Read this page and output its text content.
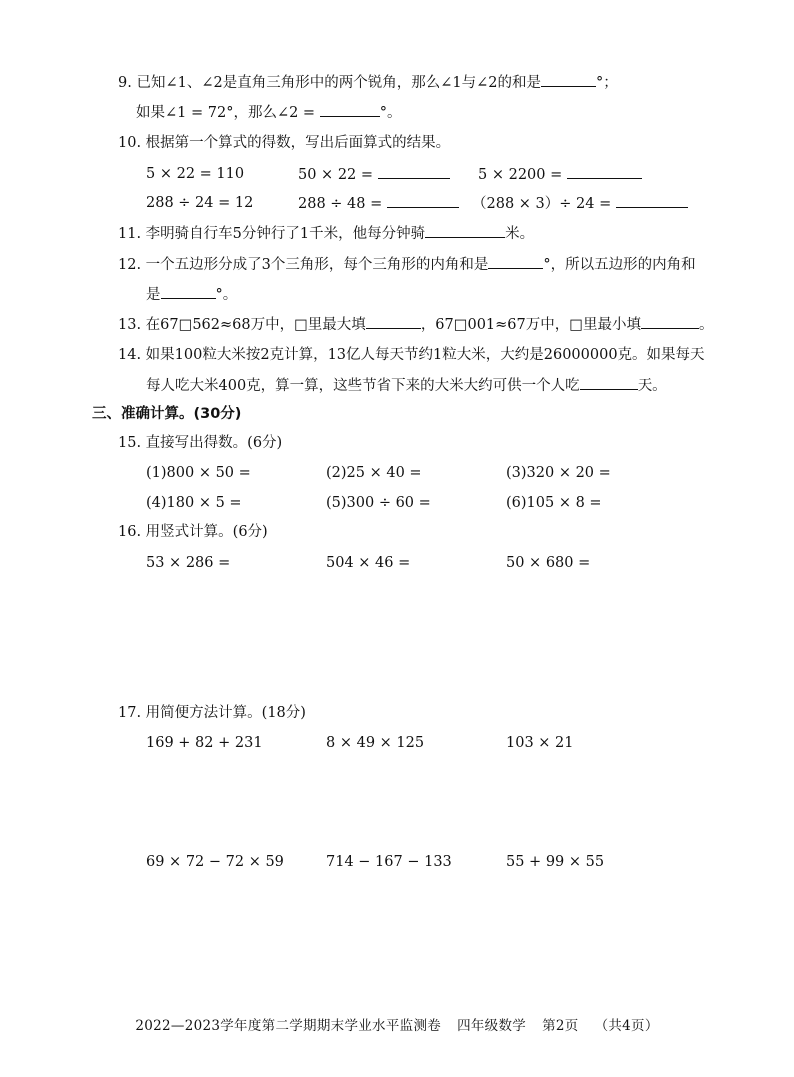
9. 已知∠1、∠2是直角三角形中的两个锐角，那么∠1与∠2的和是	°；
如果∠1 = 72°，那么∠2 =	°。
10. 根据第一个算式的得数，写出后面算式的结果。
5 × 22 = 110	50 × 22 =	5 × 2200 =
288 ÷ 24 = 12	288 ÷ 48 =	（288 × 3）÷ 24 =
11. 李明骑自行车5分钟行了1千米，他每分钟骑	米。
12. 一个五边形分成了3个三角形，每个三角形的内角和是	°，所以五边形的内角和
是	°。
13. 在67□562≈68万中，□里最大填	，67□001≈67万中，□里最小填	。
14. 如果100粒大米按2克计算，13亿人每天节约1粒大米，大约是26000000克。如果每天
每人吃大米400克，算一算，这些节省下来的大米大约可供一个人吃	天。
三、准确计算。(30分)
15. 直接写出得数。(6分)
(1)800 × 50 =	(2)25 × 40 =	(3)320 × 20 =
(4)180 × 5 =	(5)300 ÷ 60 =	(6)105 × 8 =
16. 用竖式计算。(6分)
53 × 286 =	504 × 46 =	50 × 680 =
17. 用简便方法计算。(18分)
169 + 82 + 231	8 × 49 × 125	103 × 21
69 × 72 − 72 × 59	714 − 167 − 133	55 + 99 × 55
2022—2023学年度第二学期期末学业水平监测卷 四年级数学 第2页 （共4页）
